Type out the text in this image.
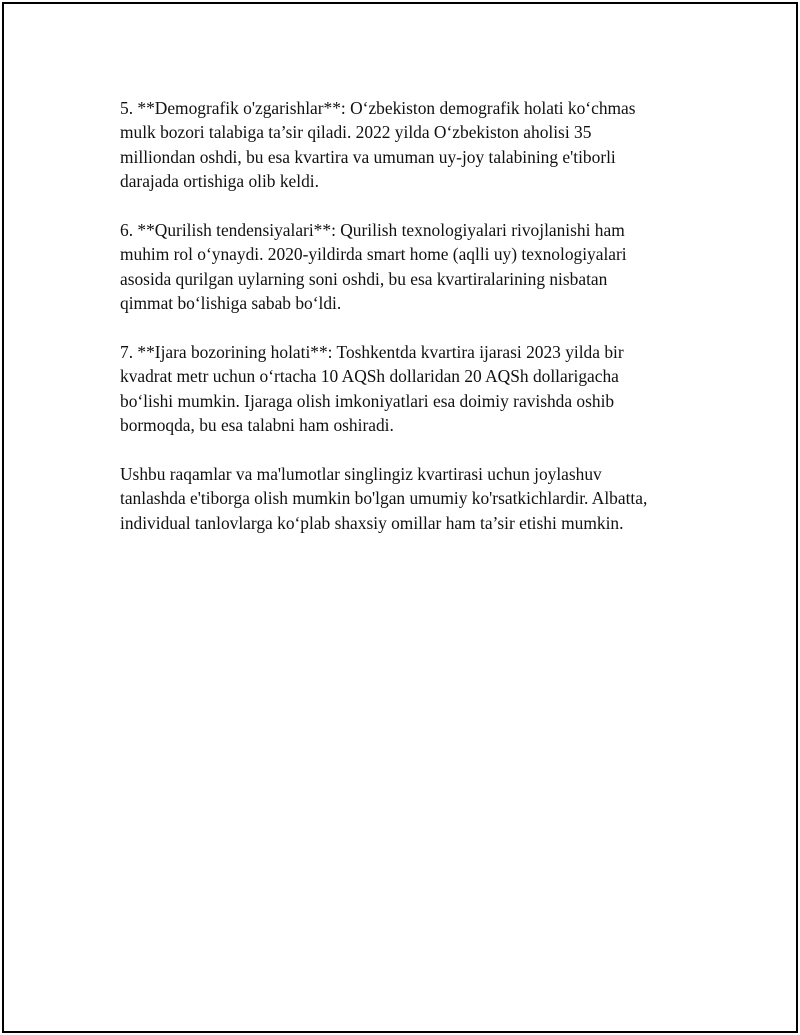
5. **Demografik o'zgarishlar**: O‘zbekiston demografik holati ko‘chmas
mulk bozori talabiga ta’sir qiladi. 2022 yilda O‘zbekiston aholisi 35
milliondan oshdi, bu esa kvartira va umuman uy-joy talabining e'tiborli
darajada ortishiga olib keldi.

6. **Qurilish tendensiyalari**: Qurilish texnologiyalari rivojlanishi ham
muhim rol o‘ynaydi. 2020-yildirda smart home (aqlli uy) texnologiyalari
asosida qurilgan uylarning soni oshdi, bu esa kvartiralarining nisbatan
qimmat bo‘lishiga sabab bo‘ldi.

7. **Ijara bozorining holati**: Toshkentda kvartira ijarasi 2023 yilda bir
kvadrat metr uchun o‘rtacha 10 AQSh dollaridan 20 AQSh dollarigacha
bo‘lishi mumkin. Ijaraga olish imkoniyatlari esa doimiy ravishda oshib
bormoqda, bu esa talabni ham oshiradi.

Ushbu raqamlar va ma'lumotlar singlingiz kvartirasi uchun joylashuv
tanlashda e'tiborga olish mumkin bo'lgan umumiy ko'rsatkichlardir. Albatta,
individual tanlovlarga ko‘plab shaxsiy omillar ham ta’sir etishi mumkin.
